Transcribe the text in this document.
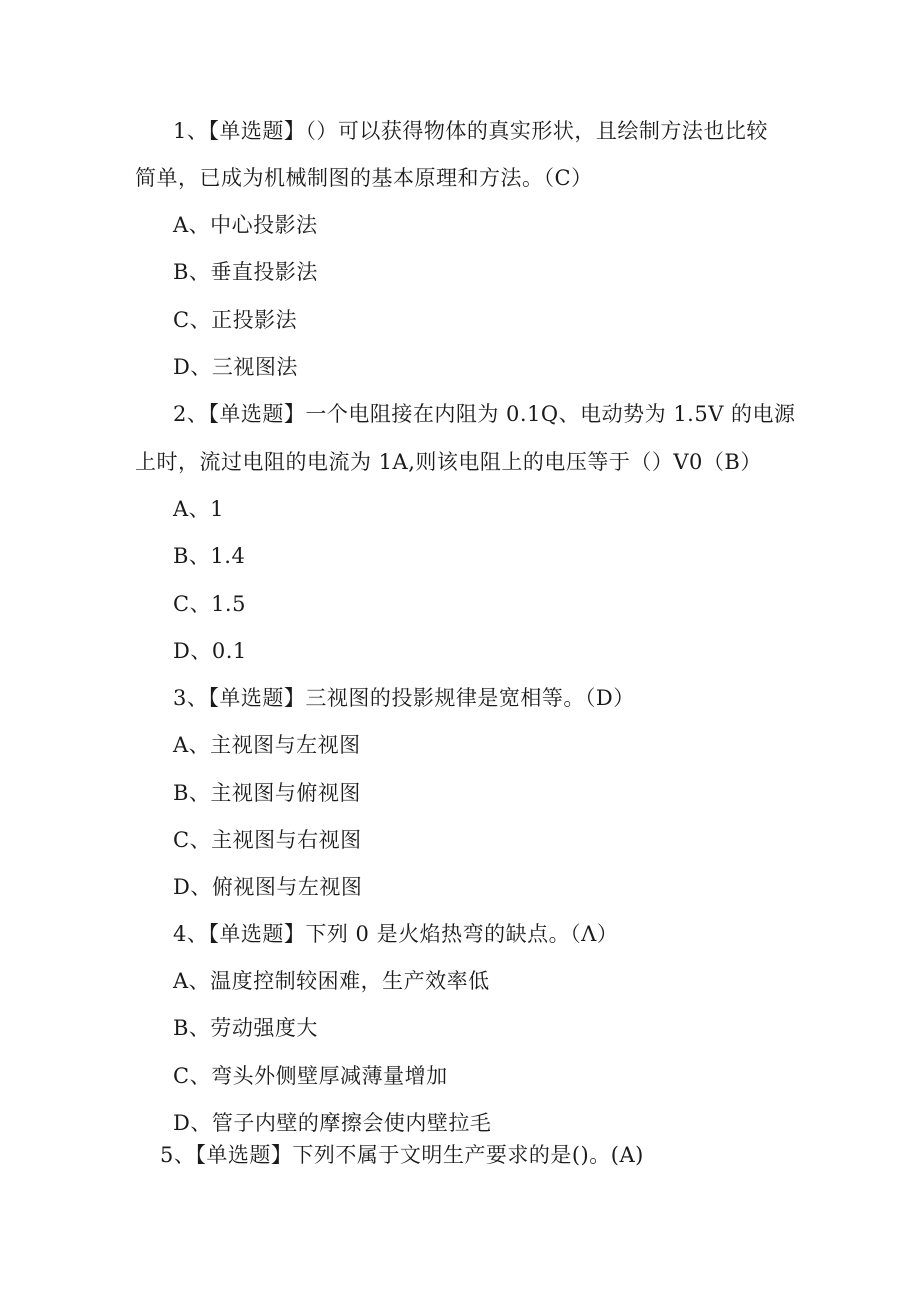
1、【单选题】（）可以获得物体的真实形状，且绘制方法也比较
简单，已成为机械制图的基本原理和方法。（C）
A、中心投影法
B、垂直投影法
C、正投影法
D、三视图法
2、【单选题】一个电阻接在内阻为 0.1Q、电动势为 1.5V 的电源
上时，流过电阻的电流为 1A,则该电阻上的电压等于（）V0（B）
A、1
B、1.4
C、1.5
D、0.1
3、【单选题】三视图的投影规律是宽相等。（D）
A、主视图与左视图
B、主视图与俯视图
C、主视图与右视图
D、俯视图与左视图
4、【单选题】下列 0 是火焰热弯的缺点。（Λ）
A、温度控制较困难，生产效率低
B、劳动强度大
C、弯头外侧壁厚减薄量增加
D、管子内壁的摩擦会使内壁拉毛
5、【单选题】下列不属于文明生产要求的是()。(A)
